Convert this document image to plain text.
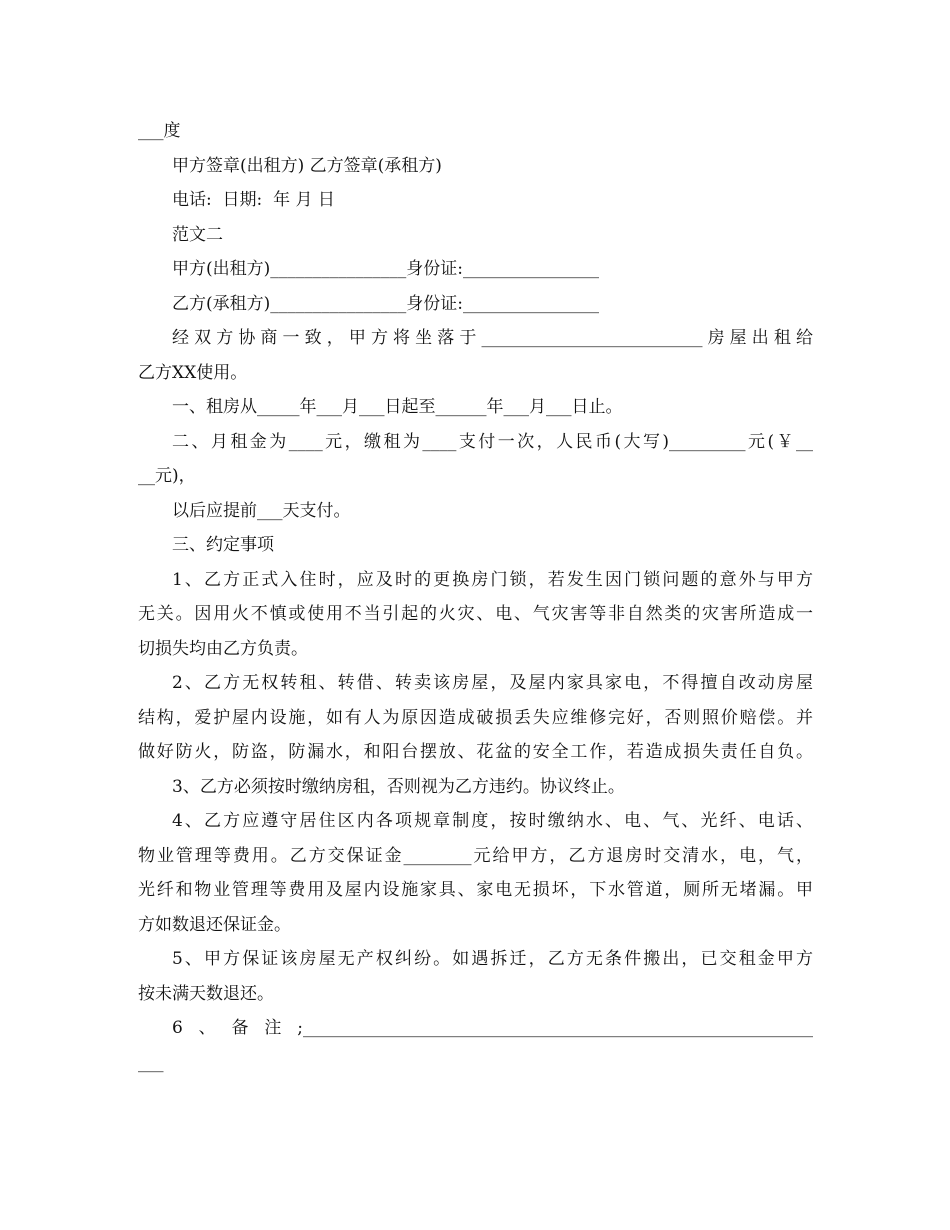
___度
甲方签章(出租方) 乙方签章(承租方)
电话:  日期:  年 月 日
范文二
甲方(出租方)________________身份证:________________
乙方(承租方)________________身份证:________________
经双方协商一致，甲方将坐落于__________________________房屋出租给
乙方XX使用。
一、租房从_____年___月___日起至______年___月___日止。
二、月租金为____元，缴租为____支付一次，人民币(大写)_________元(￥__
__元)，
以后应提前___天支付。
三、约定事项
1、乙方正式入住时，应及时的更换房门锁，若发生因门锁问题的意外与甲方
无关。因用火不慎或使用不当引起的火灾、电、气灾害等非自然类的灾害所造成一
切损失均由乙方负责。
2、乙方无权转租、转借、转卖该房屋，及屋内家具家电，不得擅自改动房屋
结构，爱护屋内设施，如有人为原因造成破损丢失应维修完好，否则照价赔偿。并
做好防火，防盗，防漏水，和阳台摆放、花盆的安全工作，若造成损失责任自负。
3、乙方必须按时缴纳房租，否则视为乙方违约。协议终止。
4、乙方应遵守居住区内各项规章制度，按时缴纳水、电、气、光纤、电话、
物业管理等费用。乙方交保证金________元给甲方，乙方退房时交清水，电，气，
光纤和物业管理等费用及屋内设施家具、家电无损坏，下水管道，厕所无堵漏。甲
方如数退还保证金。
5、甲方保证该房屋无产权纠纷。如遇拆迁，乙方无条件搬出，已交租金甲方
按未满天数退还。
6、备注;____________________________________________________________
___
